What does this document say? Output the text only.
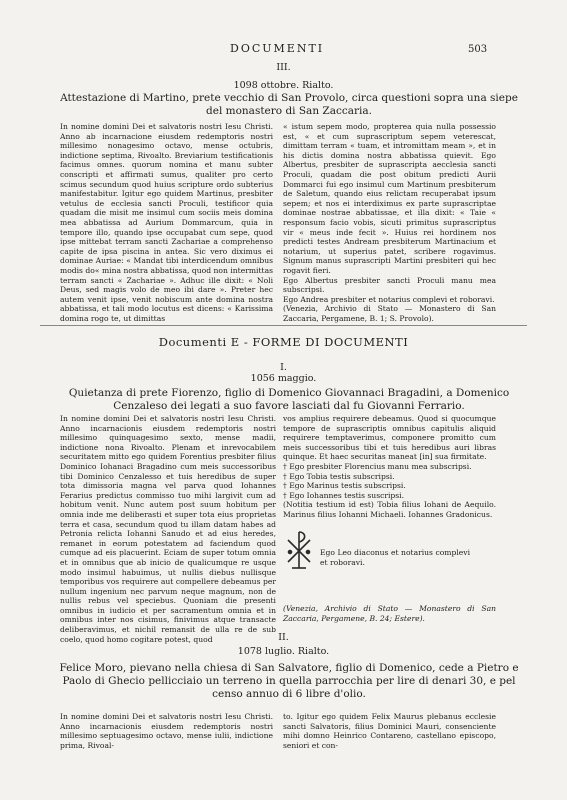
DOCUMENTI	503
III.
1098 ottobre. Rialto.
Attestazione di Martino, prete vecchio di San Provolo, circa questioni sopra una siepe del monastero di San Zaccaria.
In nomine domini Dei et salvatoris nostri Iesu Christi. Anno ab incarnacione eiusdem redemptoris nostri millesimo nonagesimo octavo, mense octubris, indictione septima, Rivoalto. Breviarium testificationis facimus omnes. quorum nomina et manu subter conscripti et affirmati sumus, qualiter pro certo scimus secundum quod huius scripture ordo subterius manifestabitur. Igitur ego quidem Martinus, presbiter vetulus de ecclesia sancti Proculi, testificor quia quadam die misit me insimul cum sociis meis domina mea abbatissa ad Aurium Dommarcum, quia in tempore illo, quando ipse occupabat cum sepe, quod ipse mittebat terram sancti Zachariae a comprehenso capite de ipsa piscina in antea. Sic vero diximus ei dominae Auriae: « Mandat tibi interdicendum omnibus modis do« mina nostra abbatissa, quod non intermittas terram sancti « Zachariae ». Adhuc ille dixit: « Noli Deus, sed magis volo de meo ibi dare ». Preter hec autem venit ipse, venit nobiscum ante domina nostra abbatissa, et tali modo locutus est dicens: « Karissima domina rogo te, ut dimittas
« istum sepem modo, propterea quia nulla possessio est, « et cum suprascriptum sepem veterescat, dimittam terram « tuam, et intromittam meam », et in his dictis domina nostra abbatissa quievit. Ego Albertus, presbiter de suprascripta aecclesia sancti Proculi, quadam die post obitum predicti Aurii Dommarci fui ego insimul cum Martinum presbiterum de Saletum, quando eius relictam recuperabat ipsum sepem; et nos ei interdiximus ex parte suprascriptae dominae nostrae abbatissae, et illa dixit: « Taie « responsum facio vobis, sicuti primitus suprascriptus vir « meus inde fecit ». Huius rei hordinem nos predicti testes Andream presbiterum Martinacium et notarium, ut superius patet, scribere rogavimus. Signum manus suprascripti Martini presbiteri qui hec rogavit fieri.
Ego Albertus presbiter sancti Proculi manu mea subscripsi.
Ego Andrea presbiter et notarius complevi et roboravi.
(Venezia, Archivio di Stato — Monastero di San Zaccaria, Pergamene, B. 1; S. Provolo).
Documenti E - FORME DI DOCUMENTI
I.
1056 maggio.
Quietanza di prete Fiorenzo, figlio di Domenico Giovannaci Bragadini, a Domenico Cenzaleso dei legati a suo favore lasciati dal fu Giovanni Ferrario.
In nomine domini Dei et salvatoris nostri Iesu Christi. Anno incarnacionis eiusdem redemptoris nostri millesimo quinquagesimo sexto, mense madii, indictione nona Rivoalto. Plenam et inrevocabilem securitatem mitto ego quidem Forentius presbiter filius Dominico Iohanaci Bragadino cum meis successoribus tibi Dominico Cenzalesso et tuis heredibus de super tota dimissoria magna vel parva quod Iohannes Ferarius predictus commisso tuo mihi largivit cum ad hobitum venit. Nunc autem post suum hobitum per omnia inde me deliberasti et super tota eius proprietas terra et casa, secundum quod tu illam datam habes ad Petronia relicta Iohanni Sanudo et ad eius heredes, remanet in eorum potestatem ad faciendum quod cumque ad eis placuerint. Eciam de super totum omnia et in omnibus que ab inicio de qualicumque re usque modo insimul habuimus, ut nullis diebus nullisque temporibus vos requirere aut compellere debeamus per nullum ingenium nec parvum neque magnum, non de nullis rebus vel speciebus. Quoniam die presenti omnibus in iudicio et per sacramentum omnia et in omnibus inter nos cisimus, finivimus atque transacte deliberavimus, et nichil remansit de ulla re de sub coelo, quod homo cogitare potest, quod
vos amplius requirere debeamus. Quod si quocumque tempore de suprascriptis omnibus capitulis aliquid requirere temptaverimus, componere promitto cum meis successoribus tibi et tuis heredibus auri libras quinque. Et haec securitas maneat [in] sua firmitate.
† Ego presbiter Florencius manu mea subscripsi.
† Ego Tobia testis subscripsi.
† Ego Marinus testis subscripsi.
† Ego Iohannes testis suscripsi.
(Notitia testium id est) Tobia filius Iohani de Aequilo. Marinus filius Iohanni Michaeli. Iohannes Gradonicus.
Ego Leo diaconus et notarius complevi et roboravi.
(Venezia, Archivio di Stato — Monastero di San Zaccaria, Pergamene, B. 24; Estere).
II.
1078 luglio. Rialto.
Felice Moro, pievano nella chiesa di San Salvatore, figlio di Domenico, cede a Pietro e Paolo di Ghecio pellicciaio un terreno in quella parrocchia per lire di denari 30, e pel censo annuo di 6 libre d'olio.
In nomine domini Dei et salvatoris nostri Iesu Christi. Anno incarnacionis eiusdem redemptoris nostri millesimo septuagesimo octavo, mense iulii, indictione prima, Rivoal-
to. Igitur ego quidem Felix Maurus plebanus ecclesie sancti Salvatoris, filius Dominici Mauri, consenciente mihi domno Heinrico Contareno, castellano episcopo, seniori et con-
